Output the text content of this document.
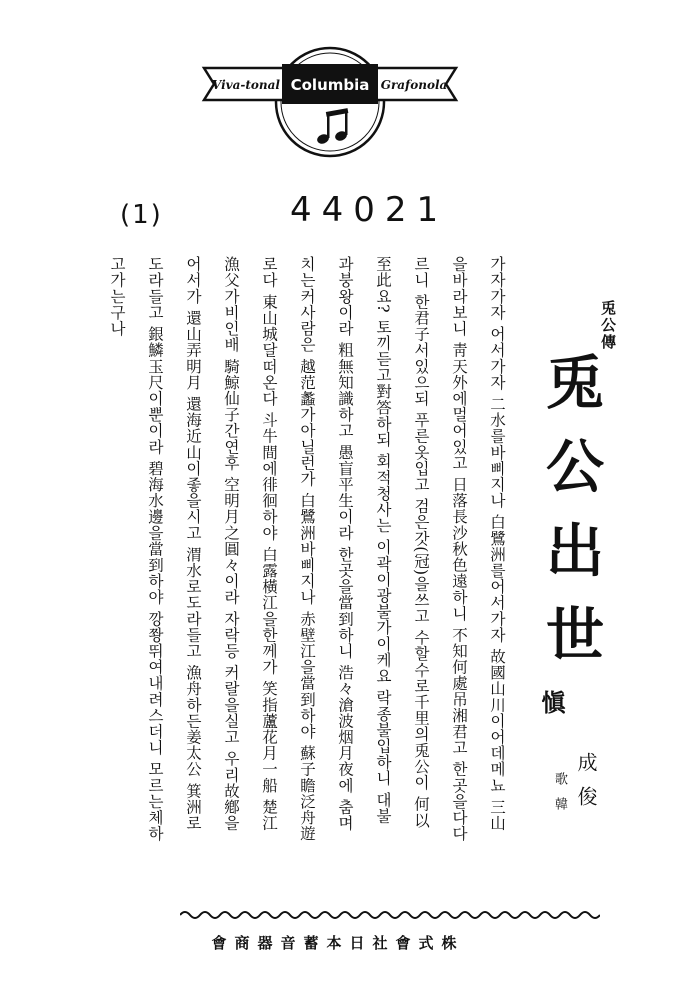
Viva-tonal Columbia Grafonola
(1)	44021
兎公傳
兎公出世
愼
歌 韓 成俊
가자가자 어서가자 二水를바삐지나 白鷺洲를어서가자 故國山川이어데메뇨 三山
을바라보니 靑天外에멀어있고 日落長沙秋色遠하니 不知何處吊湘君고 한곳을다다
르니 한君子서있으되 푸른옷입고 검은갓(冠)을쓰고 수할수로千里의兎公이 何以
至此요? 토끼듣고對答하되 회적청사는 이곽이광불가이케요 락종불입하니 대불
과붕왕이라 粗無知識하고 愚盲平生이라 한곳을當到하니 浩々滄波烟月夜에 춤며
치는커사람은 越范蠡가아닐런가 白鷺洲바삐지나 赤壁江을當到하야 蘇子瞻泛舟遊
로다 東山城달떠온다 斗牛間에徘徊하야 白露橫江을한께가 笑指蘆花月一船 楚江
漁父가비인배 騎鯨仙子간연후 空明月之圓々이라 자락등 커랄을실고 우리故鄕을
어서가 還山弄明月 還海近山이좋을시고 渭水로도라들고 漁舟하든姜太公 箕洲로
도라들고 銀鱗玉尺이뿐이라 碧海水邊을當到하야 깡쫭뛰여내려스더니 모르는체하
고가는구나
會商器音蓄本日社會式株
